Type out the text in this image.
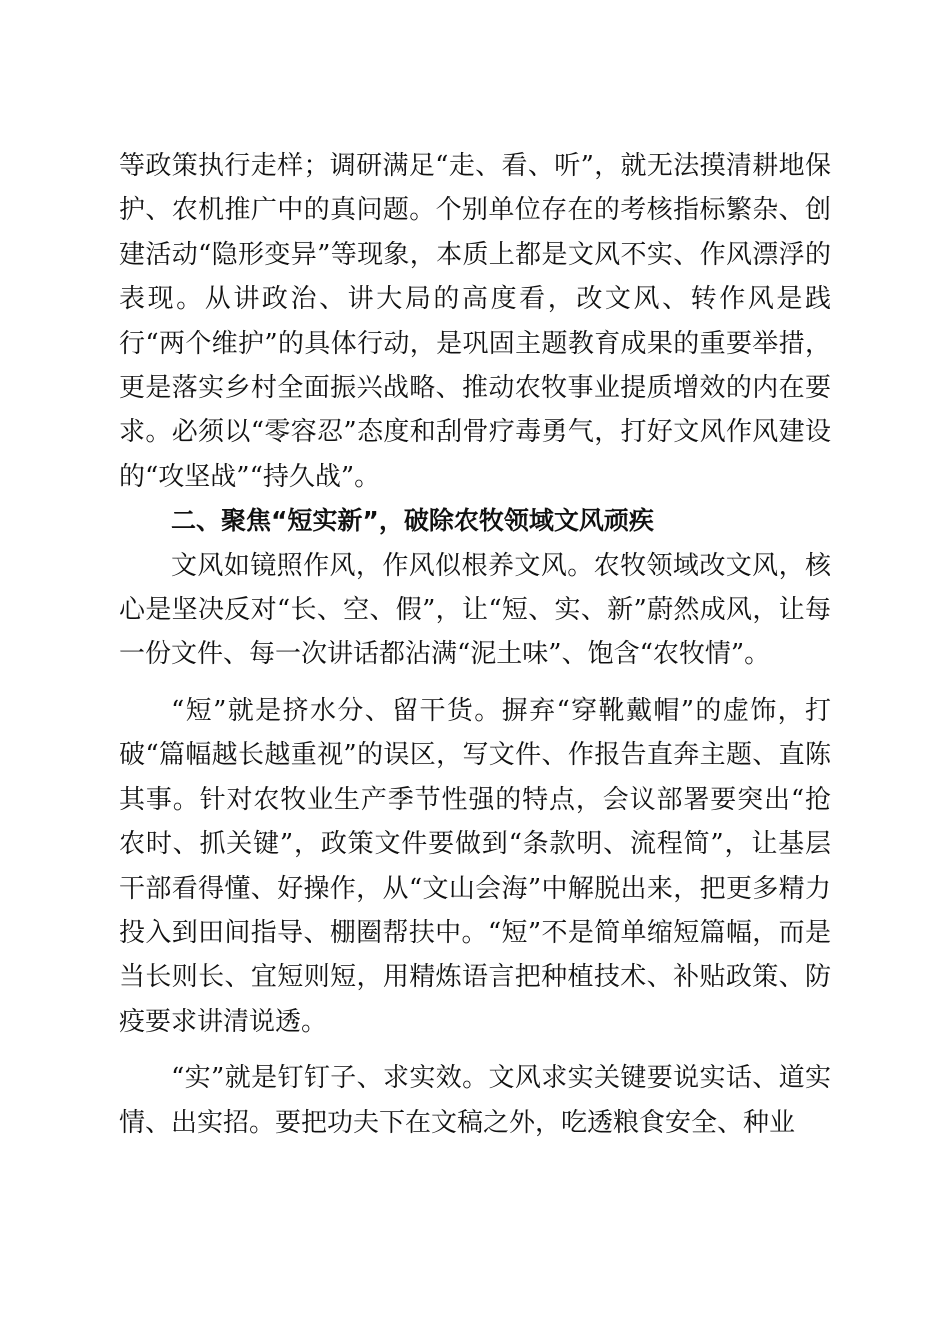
等政策执行走样；调研满足“走、看、听”，就无法摸清耕地保护、农机推广中的真问题。个别单位存在的考核指标繁杂、创建活动“隐形变异”等现象，本质上都是文风不实、作风漂浮的表现。从讲政治、讲大局的高度看，改文风、转作风是践行“两个维护”的具体行动，是巩固主题教育成果的重要举措，更是落实乡村全面振兴战略、推动农牧事业提质增效的内在要求。必须以“零容忍”态度和刮骨疗毒勇气，打好文风作风建设的“攻坚战”“持久战”。

二、聚焦“短实新”，破除农牧领域文风顽疾

文风如镜照作风，作风似根养文风。农牧领域改文风，核心是坚决反对“长、空、假”，让“短、实、新”蔚然成风，让每一份文件、每一次讲话都沾满“泥土味”、饱含“农牧情”。

“短”就是挤水分、留干货。摒弃“穿靴戴帽”的虚饰，打破“篇幅越长越重视”的误区，写文件、作报告直奔主题、直陈其事。针对农牧业生产季节性强的特点，会议部署要突出“抢农时、抓关键”，政策文件要做到“条款明、流程简”，让基层干部看得懂、好操作，从“文山会海”中解脱出来，把更多精力投入到田间指导、棚圈帮扶中。“短”不是简单缩短篇幅，而是当长则长、宜短则短，用精炼语言把种植技术、补贴政策、防疫要求讲清说透。

“实”就是钉钉子、求实效。文风求实关键要说实话、道实情、出实招。要把功夫下在文稿之外，吃透粮食安全、种业
